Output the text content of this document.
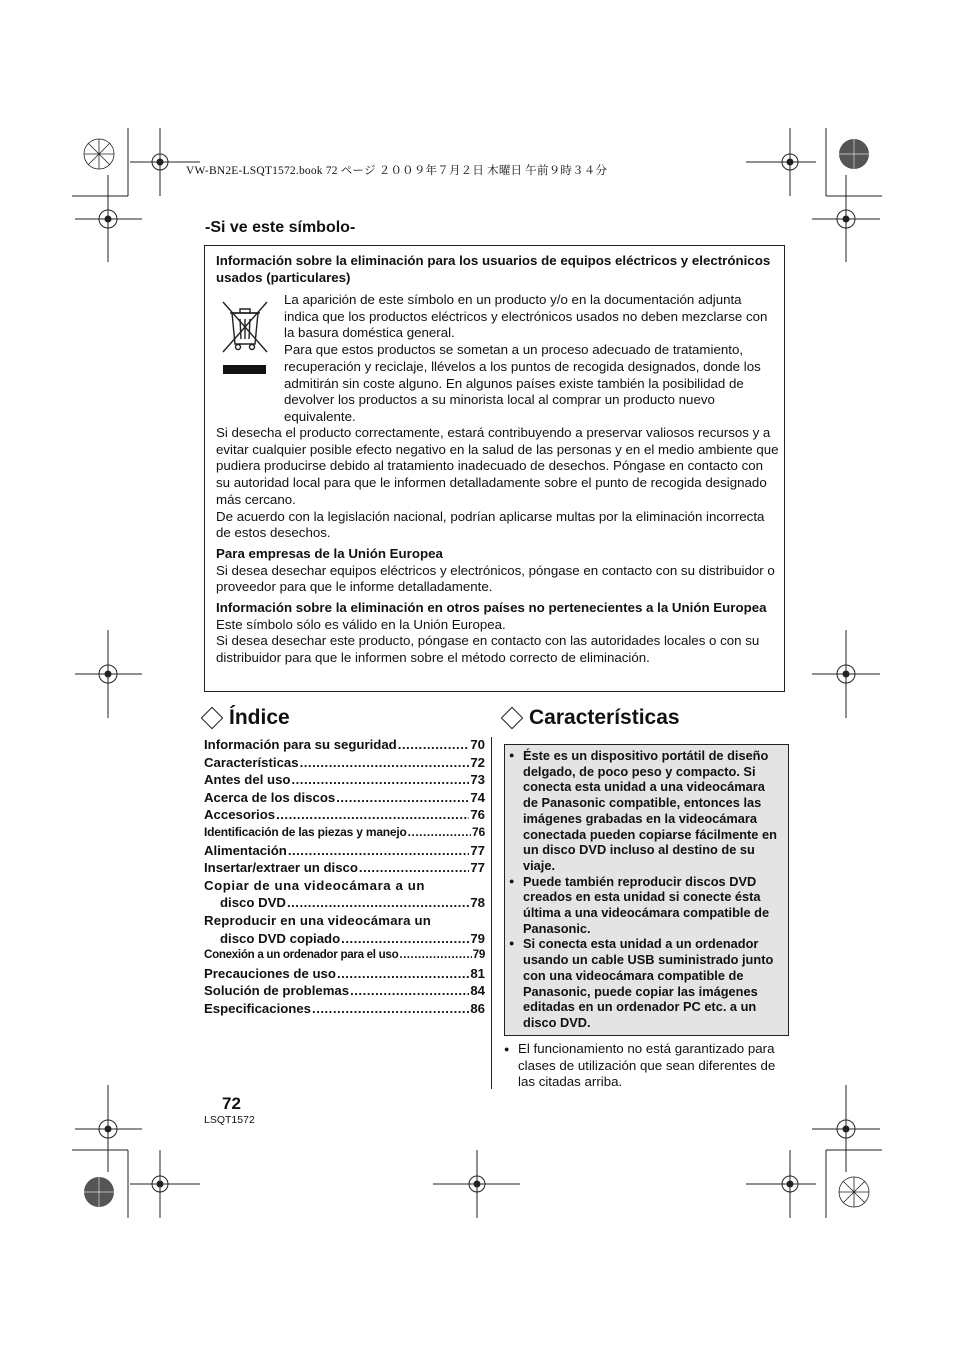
VW-BN2E-LSQT1572.book 72 ページ ２００９年７月２日 木曜日 午前９時３４分
-Si ve este símbolo-

Información sobre la eliminación para los usuarios de equipos eléctricos y electrónicos usados (particulares)

La aparición de este símbolo en un producto y/o en la documentación adjunta indica que los productos eléctricos y electrónicos usados no deben mezclarse con la basura doméstica general.

Para que estos productos se sometan a un proceso adecuado de tratamiento, recuperación y reciclaje, llévelos a los puntos de recogida designados, donde los admitirán sin coste alguno. En algunos países existe también la posibilidad de devolver los productos a su minorista local al comprar un producto nuevo equivalente.

Si desecha el producto correctamente, estará contribuyendo a preservar valiosos recursos y a evitar cualquier posible efecto negativo en la salud de las personas y en el medio ambiente que pudiera producirse debido al tratamiento inadecuado de desechos. Póngase en contacto con su autoridad local para que le informen detalladamente sobre el punto de recogida designado más cercano.

De acuerdo con la legislación nacional, podrían aplicarse multas por la eliminación incorrecta de estos desechos.

Para empresas de la Unión Europea

Si desea desechar equipos eléctricos y electrónicos, póngase en contacto con su distribuidor o proveedor para que le informe detalladamente.

Información sobre la eliminación en otros países no pertenecientes a la Unión Europea

Este símbolo sólo es válido en la Unión Europea.

Si desea desechar este producto, póngase en contacto con las autoridades locales o con su distribuidor para que le informen sobre el método correcto de eliminación.

Índice
Información para su seguridad .....	70
Características .....	72
Antes del uso .....	73
Acerca de los discos .....	74
Accesorios .....	76
Identificación de las piezas y manejo .....	76
Alimentación .....	77
Insertar/extraer un disco .....	77
Copiar de una videocámara a un
disco DVD .....	78
Reproducir en una videocámara un
disco DVD copiado .....	79
Conexión a un ordenador para el uso .....	79
Precauciones de uso .....	81
Solución de problemas .....	84
Especificaciones .....	86
Características
● Éste es un dispositivo portátil de diseño delgado, de poco peso y compacto. Si conecta esta unidad a una videocámara de Panasonic compatible, entonces las imágenes grabadas en la videocámara conectada pueden copiarse fácilmente en un disco DVD incluso al destino de su viaje.
● Puede también reproducir discos DVD creados en esta unidad si conecte ésta última a una videocámara compatible de Panasonic.
● Si conecta esta unidad a un ordenador usando un cable USB suministrado junto con una videocámara compatible de Panasonic, puede copiar las imágenes editadas en un ordenador PC etc. a un disco DVD.
● El funcionamiento no está garantizado para clases de utilización que sean diferentes de las citadas arriba.
72
LSQT1572
